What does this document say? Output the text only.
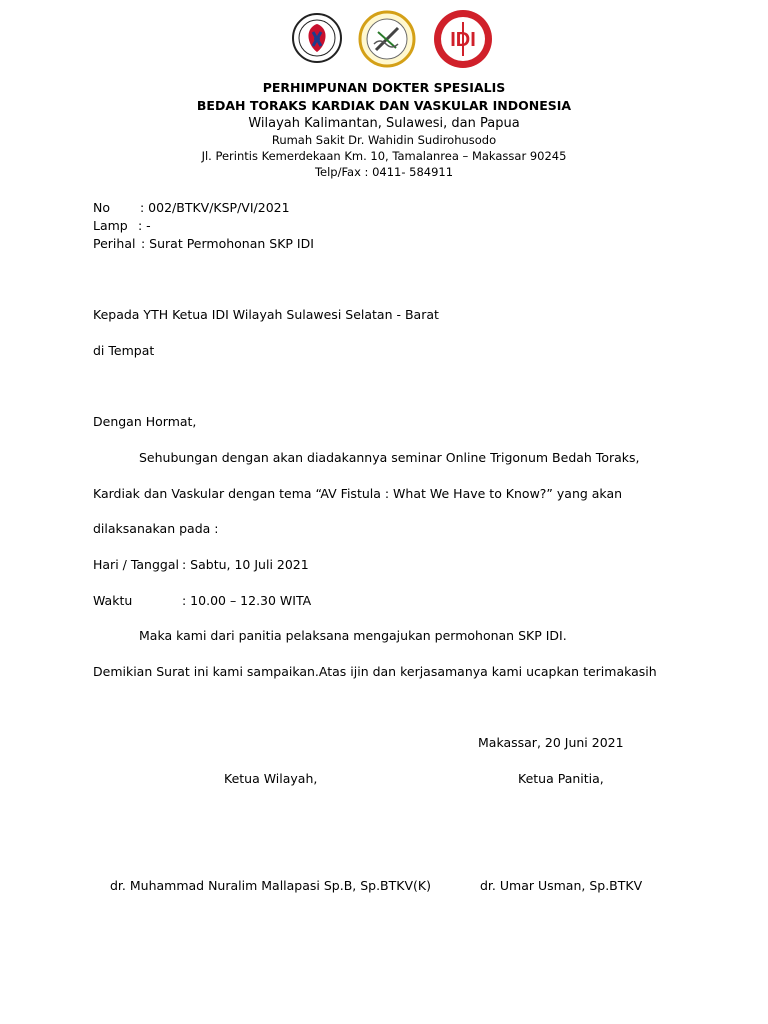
IDI
PERHIMPUNAN DOKTER SPESIALIS
BEDAH TORAKS KARDIAK DAN VASKULAR INDONESIA
Wilayah Kalimantan, Sulawesi, dan Papua
Rumah Sakit Dr. Wahidin Sudirohusodo
Jl. Perintis Kemerdekaan Km. 10, Tamalanrea – Makassar 90245
Telp/Fax : 0411- 584911
No : 002/BTKV/KSP/VI/2021
Lamp : -
Perihal : Surat Permohonan SKP IDI
Kepada YTH Ketua IDI Wilayah Sulawesi Selatan - Barat
di Tempat
Dengan Hormat,
Sehubungan dengan akan diadakannya seminar Online Trigonum Bedah Toraks,
Kardiak dan Vaskular dengan tema “AV Fistula : What We Have to Know?” yang akan
dilaksanakan pada :
Hari / Tanggal : Sabtu, 10 Juli 2021
Waktu	: 10.00 – 12.30 WITA
Maka kami dari panitia pelaksana mengajukan permohonan SKP IDI.
Demikian Surat ini kami sampaikan.Atas ijin dan kerjasamanya kami ucapkan terimakasih
Makassar, 20 Juni 2021
Ketua Wilayah,	Ketua Panitia,
dr. Muhammad Nuralim Mallapasi Sp.B, Sp.BTKV(K)	dr. Umar Usman, Sp.BTKV
